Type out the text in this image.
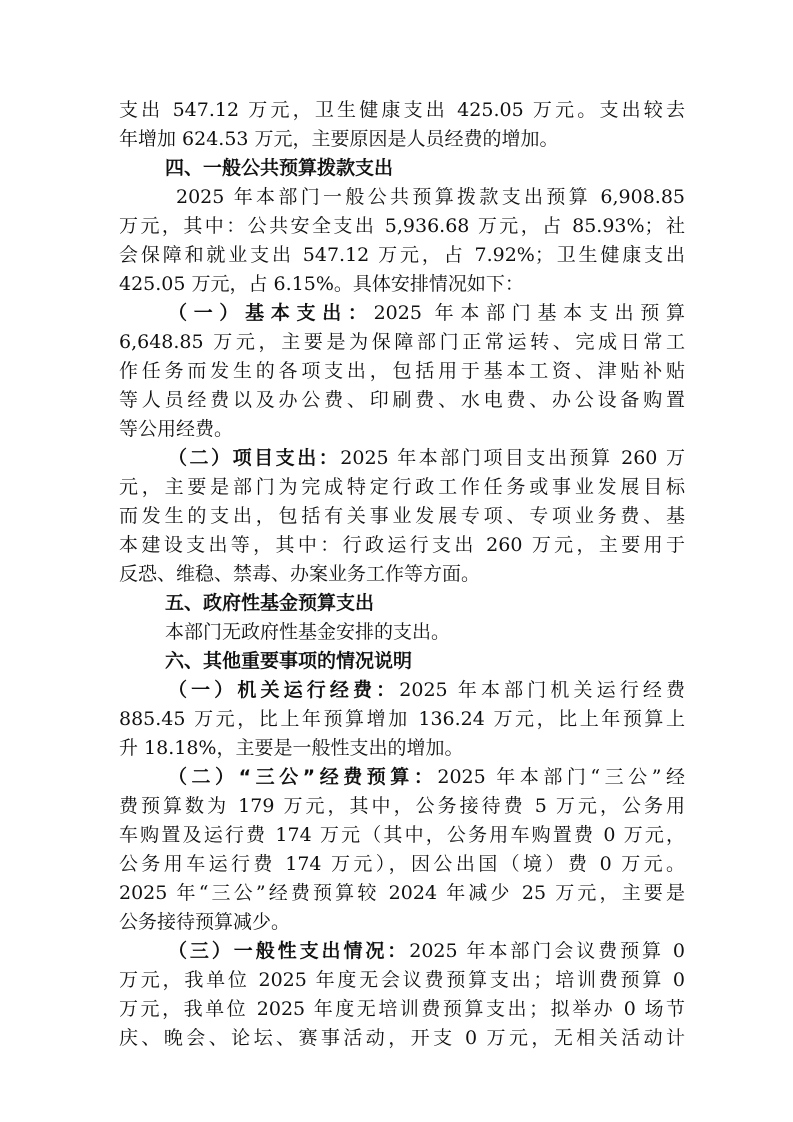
支出 547.12 万元，卫生健康支出 425.05 万元。支出较去
年增加 624.53 万元，主要原因是人员经费的增加。
四、一般公共预算拨款支出
2025 年本部门一般公共预算拨款支出预算 6,908.85
万元，其中：公共安全支出 5,936.68 万元，占 85.93%；社
会保障和就业支出 547.12 万元，占 7.92%；卫生健康支出
425.05 万元，占 6.15%。具体安排情况如下：
（一）基本支出：2025 年本部门基本支出预算
6,648.85 万元，主要是为保障部门正常运转、完成日常工
作任务而发生的各项支出，包括用于基本工资、津贴补贴
等人员经费以及办公费、印刷费、水电费、办公设备购置
等公用经费。
（二）项目支出：2025 年本部门项目支出预算 260 万
元，主要是部门为完成特定行政工作任务或事业发展目标
而发生的支出，包括有关事业发展专项、专项业务费、基
本建设支出等，其中：行政运行支出 260 万元，主要用于
反恐、维稳、禁毒、办案业务工作等方面。
五、政府性基金预算支出
本部门无政府性基金安排的支出。
六、其他重要事项的情况说明
（一）机关运行经费：2025 年本部门机关运行经费
885.45 万元，比上年预算增加 136.24 万元，比上年预算上
升 18.18%，主要是一般性支出的增加。
（二）“三公”经费预算：2025 年本部门“三公”经
费预算数为 179 万元，其中，公务接待费 5 万元，公务用
车购置及运行费 174 万元（其中，公务用车购置费 0 万元，
公务用车运行费 174 万元），因公出国（境）费 0 万元。
2025 年“三公”经费预算较 2024 年减少 25 万元，主要是
公务接待预算减少。
（三）一般性支出情况：2025 年本部门会议费预算 0
万元，我单位 2025 年度无会议费预算支出；培训费预算 0
万元，我单位 2025 年度无培训费预算支出；拟举办 0 场节
庆、晚会、论坛、赛事活动，开支 0 万元，无相关活动计
